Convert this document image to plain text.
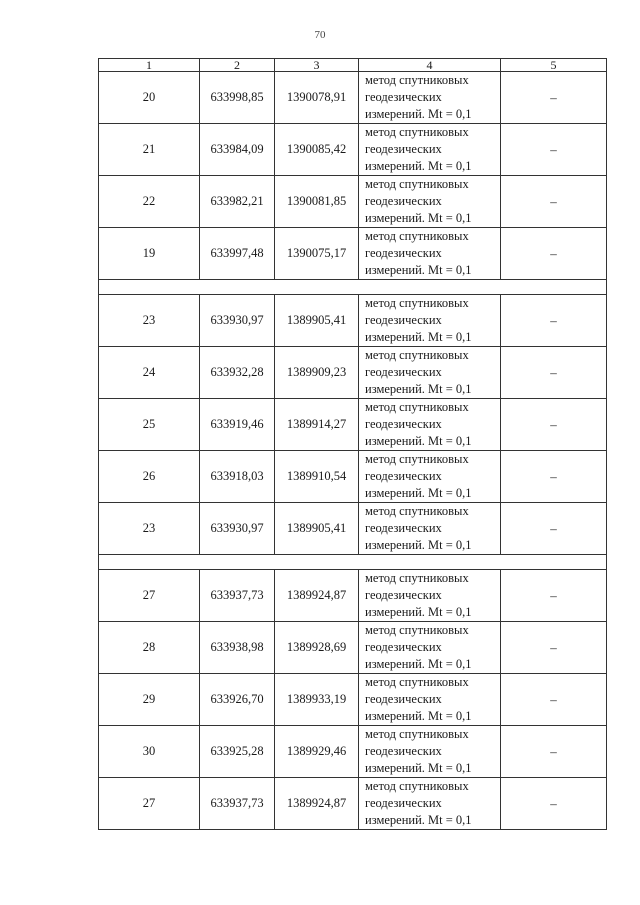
70
1	2	3	4	5
20	633998,85	1390078,91	метод спутниковых
геодезических
измерений. Mt = 0,1	–
21	633984,09	1390085,42	метод спутниковых
геодезических
измерений. Mt = 0,1	–
22	633982,21	1390081,85	метод спутниковых
геодезических
измерений. Mt = 0,1	–
19	633997,48	1390075,17	метод спутниковых
геодезических
измерений. Mt = 0,1	–

23	633930,97	1389905,41	метод спутниковых
геодезических
измерений. Mt = 0,1	–
24	633932,28	1389909,23	метод спутниковых
геодезических
измерений. Mt = 0,1	–
25	633919,46	1389914,27	метод спутниковых
геодезических
измерений. Mt = 0,1	–
26	633918,03	1389910,54	метод спутниковых
геодезических
измерений. Mt = 0,1	–
23	633930,97	1389905,41	метод спутниковых
геодезических
измерений. Mt = 0,1	–

27	633937,73	1389924,87	метод спутниковых
геодезических
измерений. Mt = 0,1	–
28	633938,98	1389928,69	метод спутниковых
геодезических
измерений. Mt = 0,1	–
29	633926,70	1389933,19	метод спутниковых
геодезических
измерений. Mt = 0,1	–
30	633925,28	1389929,46	метод спутниковых
геодезических
измерений. Mt = 0,1	–
27	633937,73	1389924,87	метод спутниковых
геодезических
измерений. Mt = 0,1	–
